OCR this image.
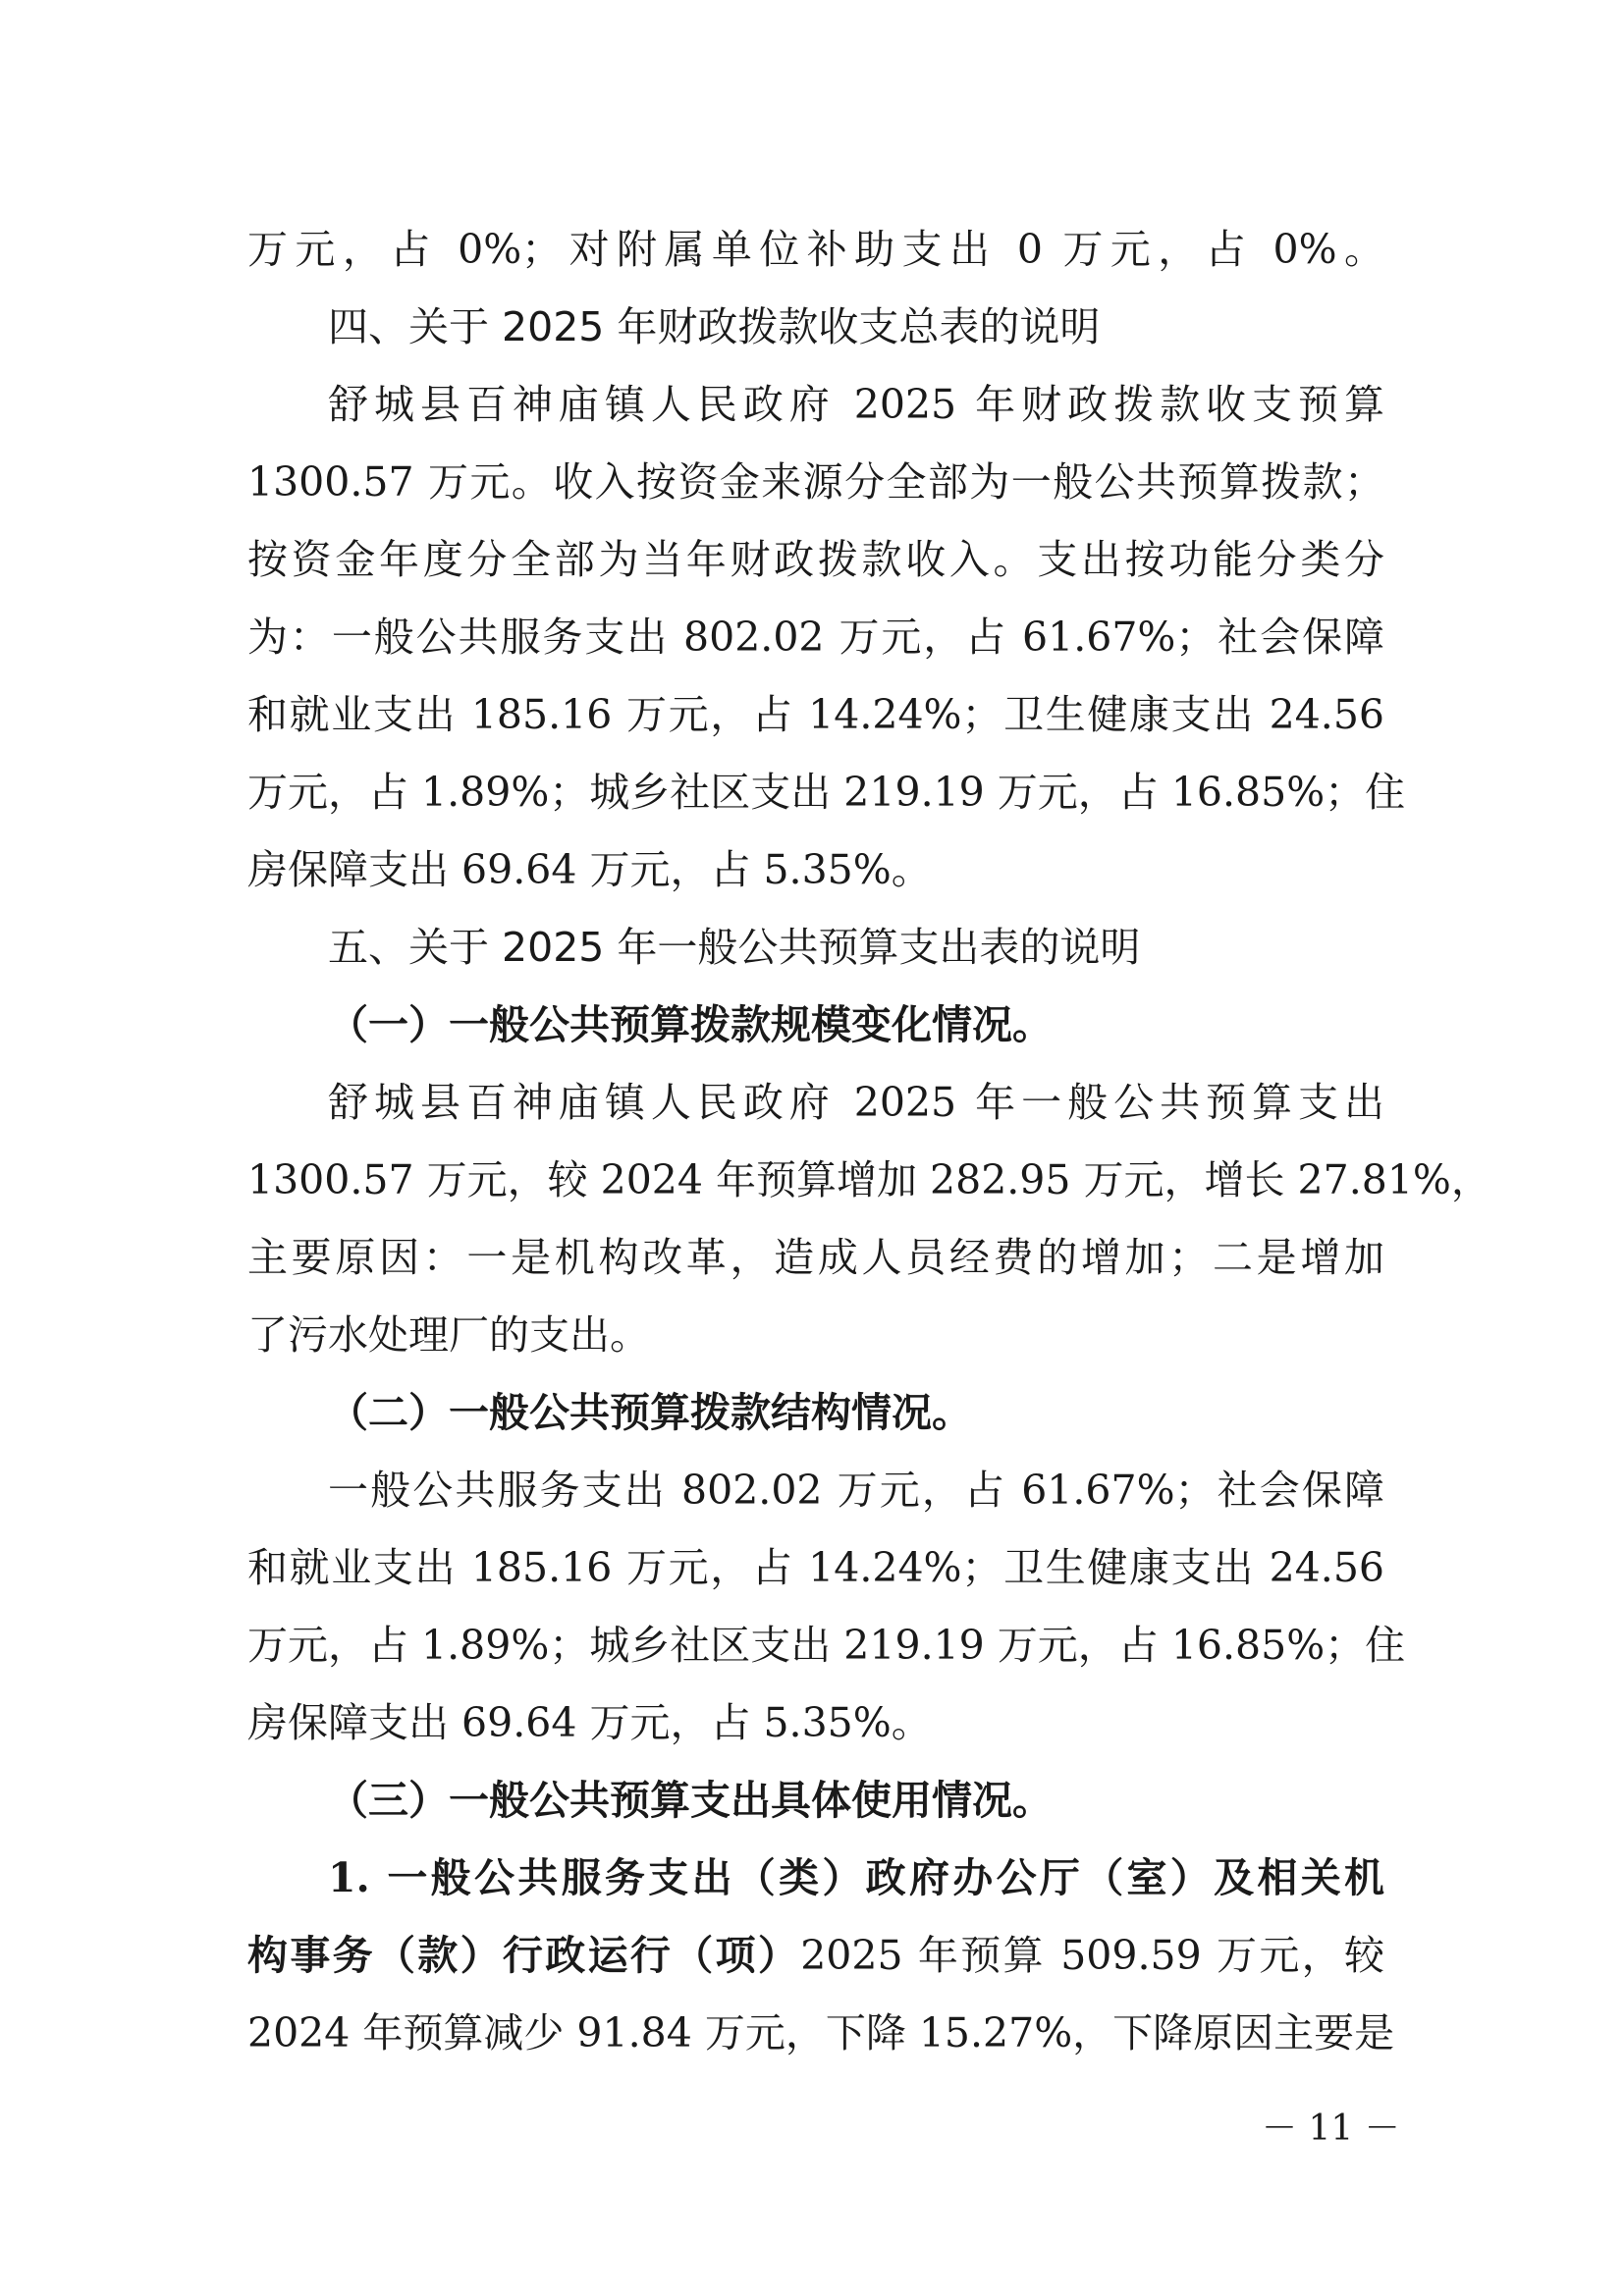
万元，占 0%；对附属单位补助支出 0 万元，占 0%。
四、关于 2025 年财政拨款收支总表的说明
舒城县百神庙镇人民政府 2025 年财政拨款收支预算
1300.57 万元。收入按资金来源分全部为一般公共预算拨款；
按资金年度分全部为当年财政拨款收入。支出按功能分类分
为：一般公共服务支出 802.02 万元，占 61.67%；社会保障
和就业支出 185.16 万元，占 14.24%；卫生健康支出 24.56
万元，占 1.89%；城乡社区支出 219.19 万元，占 16.85%；住
房保障支出 69.64 万元，占 5.35%。
五、关于 2025 年一般公共预算支出表的说明
（一）一般公共预算拨款规模变化情况。
舒城县百神庙镇人民政府 2025 年一般公共预算支出
1300.57 万元，较 2024 年预算增加 282.95 万元，增长 27.81%，
主要原因：一是机构改革，造成人员经费的增加；二是增加
了污水处理厂的支出。
（二）一般公共预算拨款结构情况。
一般公共服务支出 802.02 万元，占 61.67%；社会保障
和就业支出 185.16 万元，占 14.24%；卫生健康支出 24.56
万元，占 1.89%；城乡社区支出 219.19 万元，占 16.85%；住
房保障支出 69.64 万元，占 5.35%。
（三）一般公共预算支出具体使用情况。
1. 一般公共服务支出（类）政府办公厅（室）及相关机
构事务（款）行政运行（项）2025 年预算 509.59 万元，较
2024 年预算减少 91.84 万元，下降 15.27%，下降原因主要是
－ 11 －
